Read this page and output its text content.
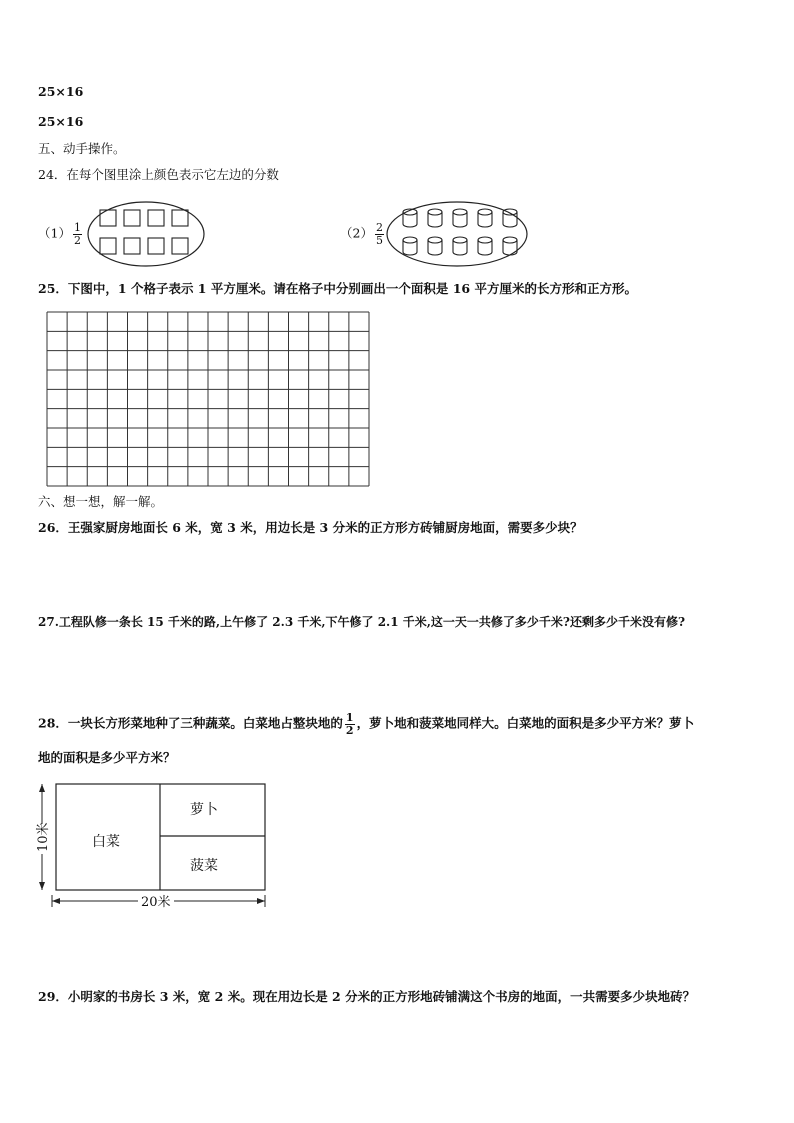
25×16
25×16
五、动手操作。
24．在每个图里涂上颜色表示它左边的分数
$(1) \frac{1}{2}$	$(2) \frac{2}{5}$
25．下图中，1 个格子表示 1 平方厘米。请在格子中分别画出一个面积是 16 平方厘米的长方形和正方形。
六、想一想，解一解。
26．王强家厨房地面长 6 米，宽 3 米，用边长是 3 分米的正方形方砖铺厨房地面，需要多少块？
27.工程队修一条长 15 千米的路,上午修了 2.3 千米,下午修了 2.1 千米,这一天一共修了多少千米?还剩多少千米没有修?
28．一块长方形菜地种了三种蔬菜。白菜地占整块地的 $\frac{1}{2}$ ，萝卜地和菠菜地同样大。白菜地的面积是多少平方米？萝卜
地的面积是多少平方米？
白菜
萝卜
菠菜
10米
20米
29．小明家的书房长 3 米，宽 2 米。现在用边长是 2 分米的正方形地砖铺满这个书房的地面，一共需要多少块地砖？
